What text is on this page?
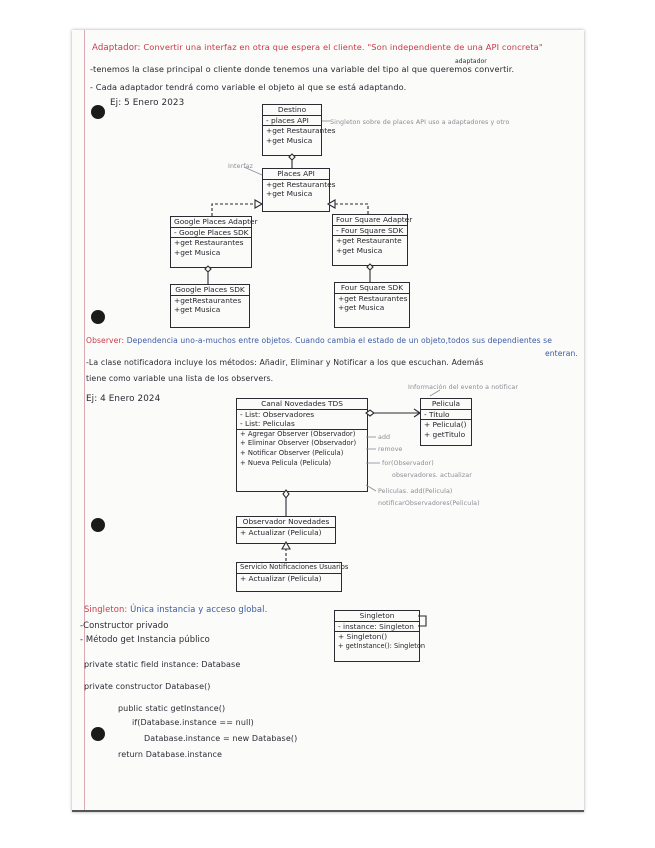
Adaptador: Convertir una interfaz en otra que espera el cliente. "Son independiente de una API concreta"
adaptador
-tenemos la clase principal o cliente donde tenemos una variable del tipo al que queremos convertir.
- Cada adaptador tendrá como variable el objeto al que se está adaptando.
Ej: 5 Enero 2023
Singleton sobre de places API uso a adaptadores y otro
Interfaz
Destino
- places API
+get Restaurantes
+get Musica
Places API
+get Restaurantes
+get Musica
Google Places Adapter
- Google Places SDK
+get Restaurantes
+get Musica
Four Square Adapter
- Four Square SDK
+get Restaurante
+get Musica
Google Places SDK
+getRestaurantes
+get Musica
Four Square SDK
+get Restaurantes
+get Musica
Observer: Dependencia uno-a-muchos entre objetos. Cuando cambia el estado de un objeto,todos sus dependientes se
enteran.
-La clase notificadora incluye los métodos: Añadir, Eliminar y Notificar a los que escuchan. Además
tiene como variable una lista de los observers.
Ej: 4 Enero 2024
Información del evento a notificar
add
remove
for(Observador)
observadores. actualizar
Peliculas. add(Pelicula)
notificarObservadores(Pelicula)
Canal Novedades TDS
- List: Observadores
- List: Peliculas
+ Agregar Observer (Observador)
+ Eliminar Observer (Observador)
+ Notificar Observer (Pelicula)
+ Nueva Pelicula (Pelicula)
Pelicula
- Titulo
+ Pelicula()
+ getTitulo
Observador Novedades
+ Actualizar (Pelicula)
Servicio Notificaciones Usuarios
+ Actualizar (Pelicula)
Singleton: Única instancia y acceso global.
-Constructor privado
- Método get Instancia público
private static field instance: Database
private constructor Database()
public static getInstance()
if(Database.instance == null)
Database.instance = new Database()
return Database.instance
Singleton
- instance: Singleton
+ Singleton()
+ getInstance(): Singleton
